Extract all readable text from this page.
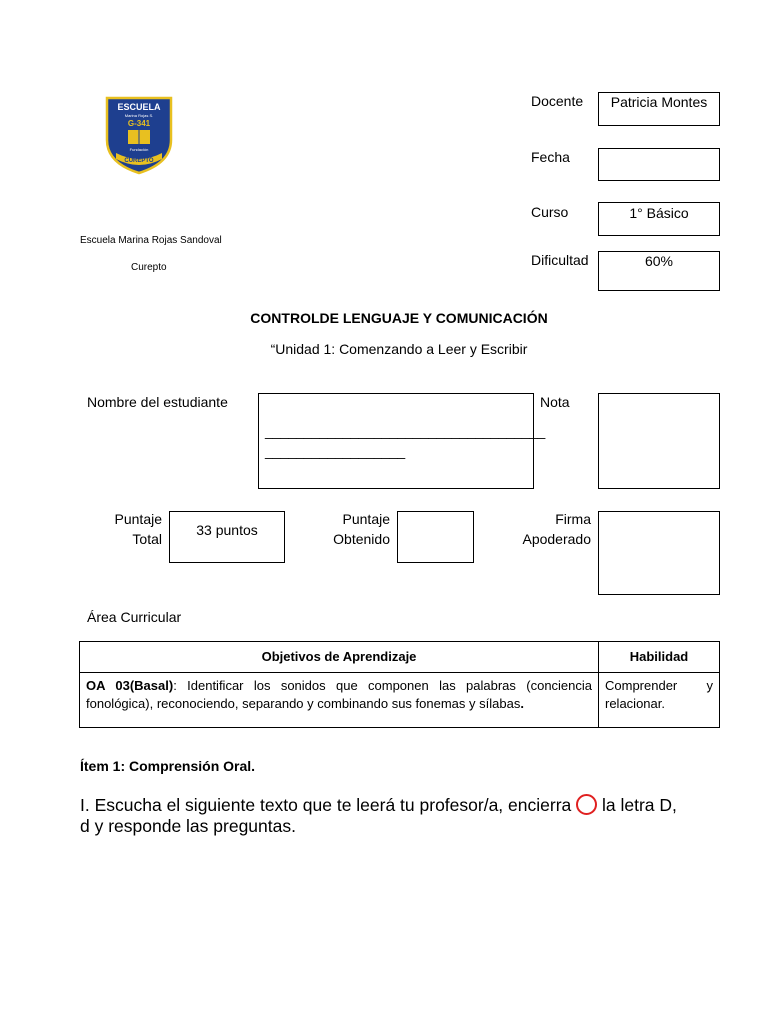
ESCUELA
Marina Rojas S.
G-341
Fundación
CUREPTO
Escuela Marina Rojas Sandoval
Curepto
Docente	Patricia Montes
Fecha
Curso	1° Básico
Dificultad	60%
CONTROLDE LENGUAJE Y COMUNICACIÓN
“Unidad 1: Comenzando a Leer y Escribir
Nombre del estudiante
____________________________________
__________________
Nota
Puntaje
Total
33 puntos
Puntaje
Obtenido
Firma
Apoderado
Área Curricular
Objetivos de Aprendizaje	Habilidad
OA 03(Basal): Identificar los sonidos que componen las palabras (conciencia fonológica), reconociendo, separando y combinando sus fonemas y sílabas.	Comprender y relacionar.
Ítem 1: Comprensión Oral.
I. Escucha el siguiente texto que te leerá tu profesor/a, encierra la letra D,
d y responde las preguntas.
